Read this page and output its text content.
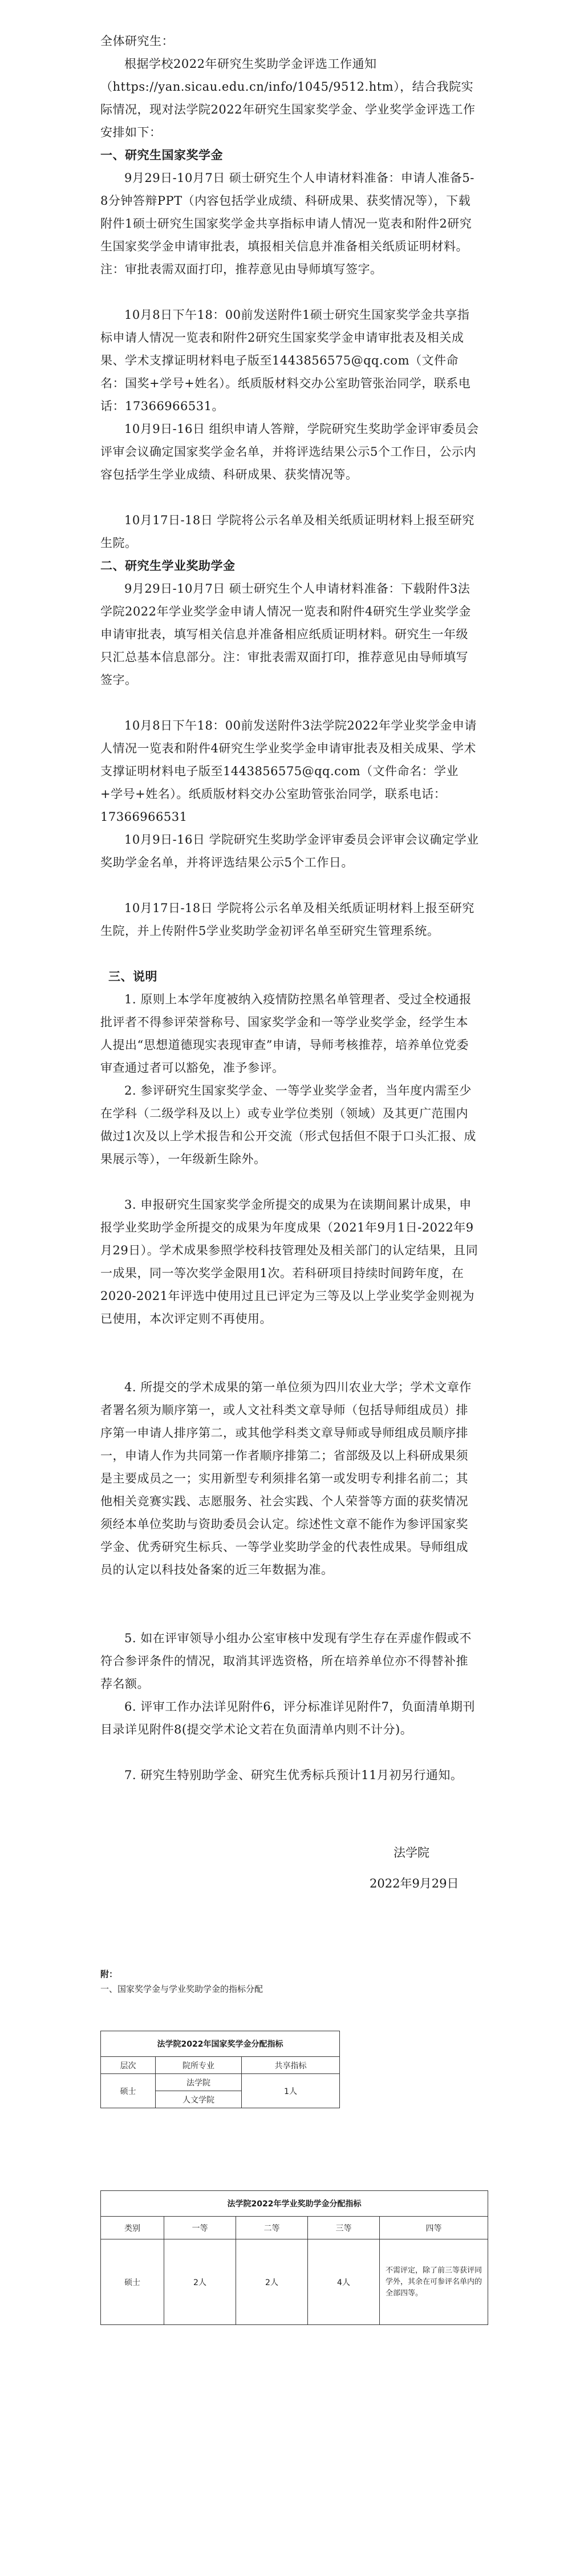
全体研究生：

根据学校2022年研究生奖助学金评选工作通知（https://yan.sicau.edu.cn/info/1045/9512.htm），结合我院实际情况，现对法学院2022年研究生国家奖学金、学业奖学金评选工作安排如下：

一、研究生国家奖学金

9月29日-10月7日 硕士研究生个人申请材料准备：申请人准备5-8分钟答辩PPT（内容包括学业成绩、科研成果、获奖情况等），下载附件1硕士研究生国家奖学金共享指标申请人情况一览表和附件2研究生国家奖学金申请审批表，填报相关信息并准备相关纸质证明材料。注：审批表需双面打印，推荐意见由导师填写签字。

10月8日下午18：00前发送附件1硕士研究生国家奖学金共享指标申请人情况一览表和附件2研究生国家奖学金申请审批表及相关成果、学术支撑证明材料电子版至1443856575@qq.com（文件命名：国奖+学号+姓名）。纸质版材料交办公室助管张治同学，联系电话：17366966531。

10月9日-16日 组织申请人答辩，学院研究生奖助学金评审委员会评审会议确定国家奖学金名单，并将评选结果公示5个工作日，公示内容包括学生学业成绩、科研成果、获奖情况等。

10月17日-18日 学院将公示名单及相关纸质证明材料上报至研究生院。

二、研究生学业奖助学金

9月29日-10月7日 硕士研究生个人申请材料准备：下载附件3法学院2022年学业奖学金申请人情况一览表和附件4研究生学业奖学金申请审批表，填写相关信息并准备相应纸质证明材料。研究生一年级只汇总基本信息部分。注：审批表需双面打印，推荐意见由导师填写签字。

10月8日下午18：00前发送附件3法学院2022年学业奖学金申请人情况一览表和附件4研究生学业奖学金申请审批表及相关成果、学术支撑证明材料电子版至1443856575@qq.com（文件命名：学业+学号+姓名）。纸质版材料交办公室助管张治同学，联系电话：17366966531

10月9日-16日 学院研究生奖助学金评审委员会评审会议确定学业奖助学金名单，并将评选结果公示5个工作日。

10月17日-18日 学院将公示名单及相关纸质证明材料上报至研究生院，并上传附件5学业奖助学金初评名单至研究生管理系统。

三、说明

1. 原则上本学年度被纳入疫情防控黑名单管理者、受过全校通报批评者不得参评荣誉称号、国家奖学金和一等学业奖学金，经学生本人提出“思想道德现实表现审查”申请，导师考核推荐，培养单位党委审查通过者可以豁免，准予参评。

2. 参评研究生国家奖学金、一等学业奖学金者，当年度内需至少在学科（二级学科及以上）或专业学位类别（领域）及其更广范围内做过1次及以上学术报告和公开交流（形式包括但不限于口头汇报、成果展示等），一年级新生除外。

3. 申报研究生国家奖学金所提交的成果为在读期间累计成果，申报学业奖助学金所提交的成果为年度成果（2021年9月1日-2022年9月29日）。学术成果参照学校科技管理处及相关部门的认定结果，且同一成果，同一等次奖学金限用1次。若科研项目持续时间跨年度，在2020-2021年评选中使用过且已评定为三等及以上学业奖学金则视为已使用，本次评定则不再使用。

4. 所提交的学术成果的第一单位须为四川农业大学；学术文章作者署名须为顺序第一，或人文社科类文章导师（包括导师组成员）排序第一申请人排序第二，或其他学科类文章导师或导师组成员顺序排一，申请人作为共同第一作者顺序排第二；省部级及以上科研成果须是主要成员之一；实用新型专利须排名第一或发明专利排名前二；其他相关竞赛实践、志愿服务、社会实践、个人荣誉等方面的获奖情况须经本单位奖助与资助委员会认定。综述性文章不能作为参评国家奖学金、优秀研究生标兵、一等学业奖助学金的代表性成果。导师组成员的认定以科技处备案的近三年数据为准。

5. 如在评审领导小组办公室审核中发现有学生存在弄虚作假或不符合参评条件的情况，取消其评选资格，所在培养单位亦不得替补推荐名额。

6. 评审工作办法详见附件6，评分标准详见附件7，负面清单期刊目录详见附件8(提交学术论文若在负面清单内则不计分)。

7. 研究生特别助学金、研究生优秀标兵预计11月初另行通知。

法学院
2022年9月29日
附：
一、国家奖学金与学业奖助学金的指标分配
法学院2022年国家奖学金分配指标		
层次	院所专业	共享指标
硕士	法学院	1人
	人文学院	
法学院2022年学业奖助学金分配指标				
类别	一等	二等	三等	四等
硕士	2人	2人	4人	不需评定，除了前三等获评同学外，其余在可参评名单内的全部四等。
